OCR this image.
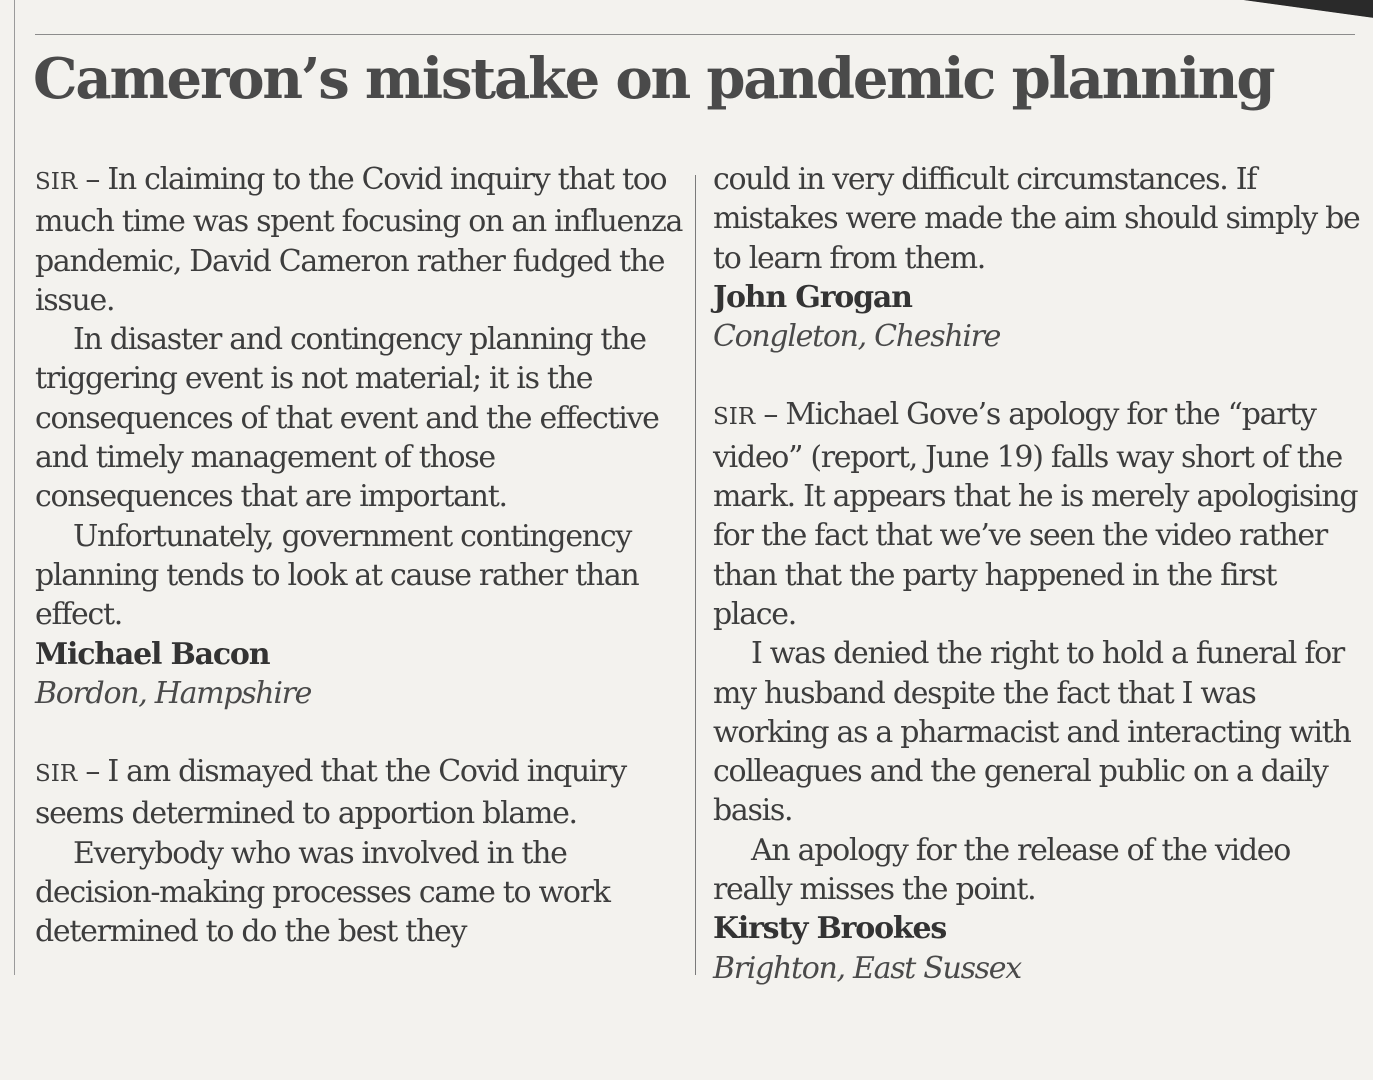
Cameron’s mistake on pandemic planning

SIR – In claiming to the Covid inquiry that too much time was spent focusing on an influenza pandemic, David Cameron rather fudged the issue.

In disaster and contingency planning the triggering event is not material; it is the consequences of that event and the effective and timely management of those consequences that are important.

Unfortunately, government contingency planning tends to look at cause rather than effect.

Michael Bacon

Bordon, Hampshire

SIR – I am dismayed that the Covid inquiry seems determined to apportion blame.

Everybody who was involved in the decision-making processes came to work determined to do the best they

could in very difficult circumstances. If mistakes were made the aim should simply be to learn from them.

John Grogan

Congleton, Cheshire

SIR – Michael Gove’s apology for the “party video” (report, June 19) falls way short of the mark. It appears that he is merely apologising for the fact that we’ve seen the video rather than that the party happened in the first place.

I was denied the right to hold a funeral for my husband despite the fact that I was working as a pharmacist and interacting with colleagues and the general public on a daily basis.

An apology for the release of the video really misses the point.

Kirsty Brookes

Brighton, East Sussex
